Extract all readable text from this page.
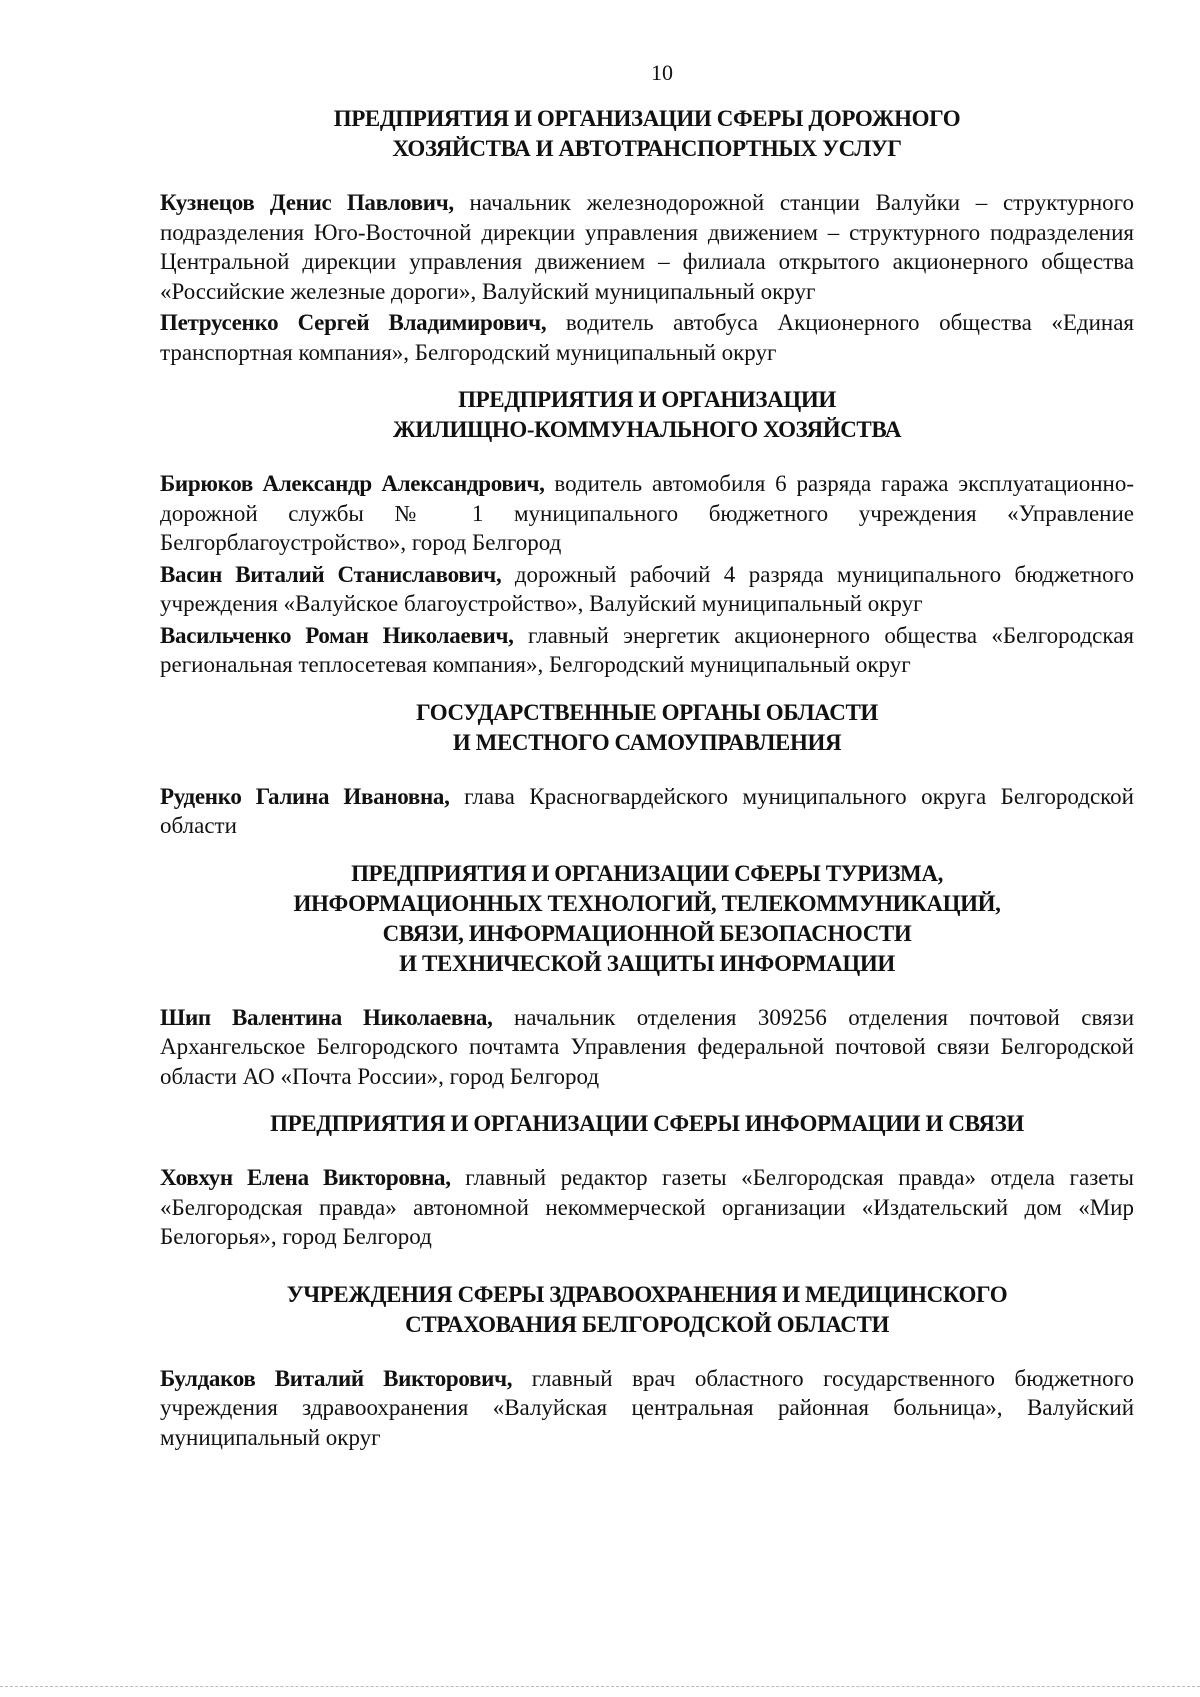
10
ПРЕДПРИЯТИЯ И ОРГАНИЗАЦИИ СФЕРЫ ДОРОЖНОГО
ХОЗЯЙСТВА И АВТОТРАНСПОРТНЫХ УСЛУГ

Кузнецов Денис Павлович, начальник железнодорожной станции Валуйки – структурного подразделения Юго-Восточной дирекции управления движением – структурного подразделения Центральной дирекции управления движением – филиала открытого акционерного общества «Российские железные дороги», Валуйский муниципальный округ

Петрусенко Сергей Владимирович, водитель автобуса Акционерного общества «Единая транспортная компания», Белгородский муниципальный округ

ПРЕДПРИЯТИЯ И ОРГАНИЗАЦИИ
ЖИЛИЩНО-КОММУНАЛЬНОГО ХОЗЯЙСТВА

Бирюков Александр Александрович, водитель автомобиля 6 разряда гаража эксплуатационно-дорожной службы № 1 муниципального бюджетного учреждения «Управление Белгорблагоустройство», город Белгород

Васин Виталий Станиславович, дорожный рабочий 4 разряда муниципального бюджетного учреждения «Валуйское благоустройство», Валуйский муниципальный округ

Васильченко Роман Николаевич, главный энергетик акционерного общества «Белгородская региональная теплосетевая компания», Белгородский муниципальный округ

ГОСУДАРСТВЕННЫЕ ОРГАНЫ ОБЛАСТИ
И МЕСТНОГО САМОУПРАВЛЕНИЯ

Руденко Галина Ивановна, глава Красногвардейского муниципального округа Белгородской области

ПРЕДПРИЯТИЯ И ОРГАНИЗАЦИИ СФЕРЫ ТУРИЗМА,
ИНФОРМАЦИОННЫХ ТЕХНОЛОГИЙ, ТЕЛЕКОММУНИКАЦИЙ,
СВЯЗИ, ИНФОРМАЦИОННОЙ БЕЗОПАСНОСТИ
И ТЕХНИЧЕСКОЙ ЗАЩИТЫ ИНФОРМАЦИИ

Шип Валентина Николаевна, начальник отделения 309256 отделения почтовой связи Архангельское Белгородского почтамта Управления федеральной почтовой связи Белгородской области АО «Почта России», город Белгород

ПРЕДПРИЯТИЯ И ОРГАНИЗАЦИИ СФЕРЫ ИНФОРМАЦИИ И СВЯЗИ

Ховхун Елена Викторовна, главный редактор газеты «Белгородская правда» отдела газеты «Белгородская правда» автономной некоммерческой организации «Издательский дом «Мир Белогорья», город Белгород

УЧРЕЖДЕНИЯ СФЕРЫ ЗДРАВООХРАНЕНИЯ И МЕДИЦИНСКОГО
СТРАХОВАНИЯ БЕЛГОРОДСКОЙ ОБЛАСТИ

Булдаков Виталий Викторович, главный врач областного государственного бюджетного учреждения здравоохранения «Валуйская центральная районная больница», Валуйский муниципальный округ
